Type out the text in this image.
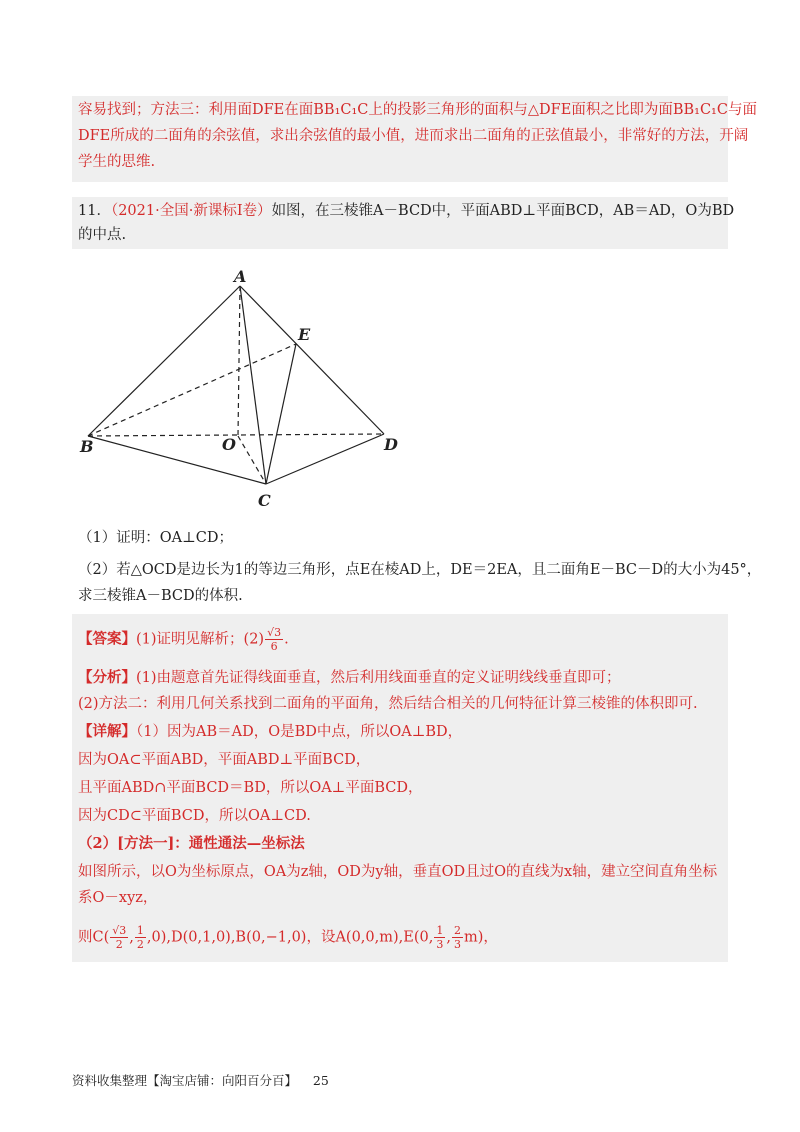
容易找到；方法三：利用面DFE在面BB₁C₁C上的投影三角形的面积与△DFE面积之比即为面BB₁C₁C与面
DFE所成的二面角的余弦值，求出余弦值的最小值，进而求出二面角的正弦值最小，非常好的方法，开阔
学生的思维.
11．（2021·全国·新课标Ⅰ卷）如图，在三棱锥A－BCD中，平面ABD⊥平面BCD，AB＝AD，O为BD
的中点.
A
E
B	O	D
C
（1）证明：OA⊥CD；
（2）若△OCD是边长为1的等边三角形，点E在棱AD上，DE＝2EA，且二面角E－BC－D的大小为45°，
求三棱锥A－BCD的体积.
【答案】(1)证明见解析；$(2) \frac{√3}{6}$ .
【分析】(1)由题意首先证得线面垂直，然后利用线面垂直的定义证明线线垂直即可；
(2)方法二：利用几何关系找到二面角的平面角，然后结合相关的几何特征计算三棱锥的体积即可.
【详解】（1）因为AB＝AD，O是BD中点，所以OA⊥BD，
因为OA⊂平面ABD，平面ABD⊥平面BCD，
且平面ABD∩平面BCD＝BD，所以OA⊥平面BCD，
因为CD⊂平面BCD，所以OA⊥CD.
（2）[方法一]：通性通法—坐标法
如图所示，以O为坐标原点，OA为z轴，OD为y轴，垂直OD且过O的直线为x轴，建立空间直角坐标
系O－xyz，
则$C( \frac{√3}{2}$ , $\frac{1}{2} ,0),D(0,1,0),B(0,-1,0)$，设A(0,0,m),E(0, $\frac{1}{3}$ , $\frac{2}{3} m$)，
资料收集整理【淘宝店铺：向阳百分百】 25
